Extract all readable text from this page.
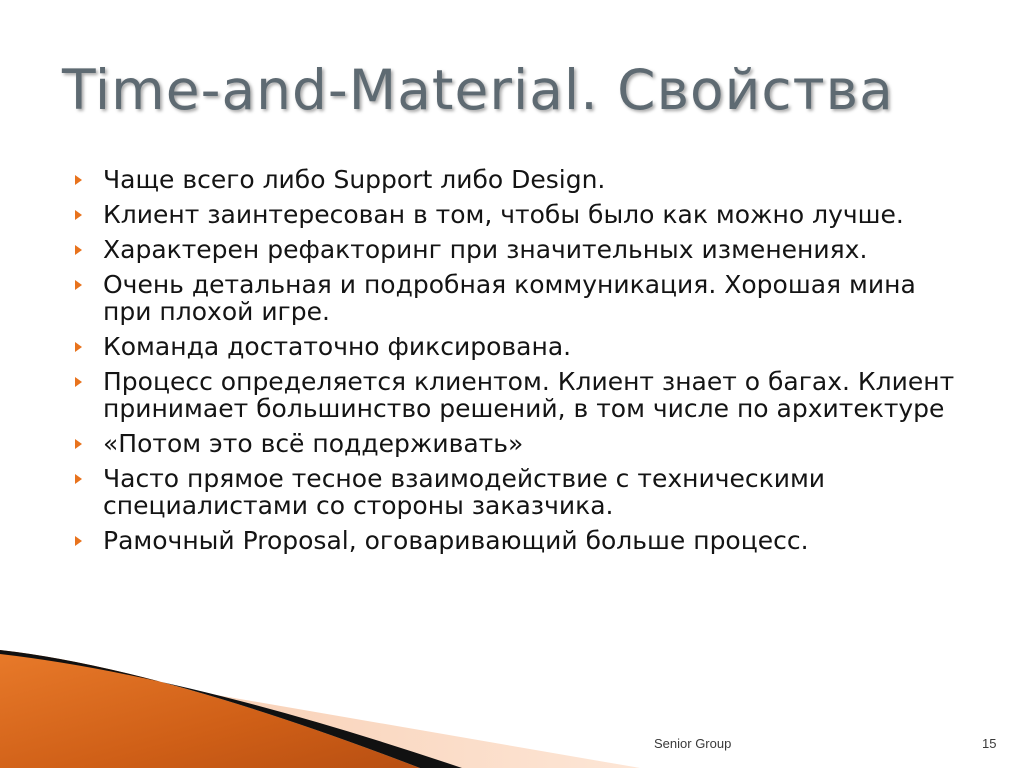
Time-and-Material. Свойства
Чаще всего либо Support либо Design.
Клиент заинтересован в том, чтобы было как можно лучше.
Характерен рефакторинг при значительных изменениях.
Очень детальная и подробная коммуникация. Хорошая мина при плохой игре.
Команда достаточно фиксирована.
Процесс определяется клиентом. Клиент знает о багах. Клиент принимает большинство решений, в том числе по архитектуре
«Потом это всё поддерживать»
Часто прямое тесное взаимодействие с техническими специалистами со стороны заказчика.
Рамочный Proposal, оговаривающий больше процесс.
Senior Group	15
